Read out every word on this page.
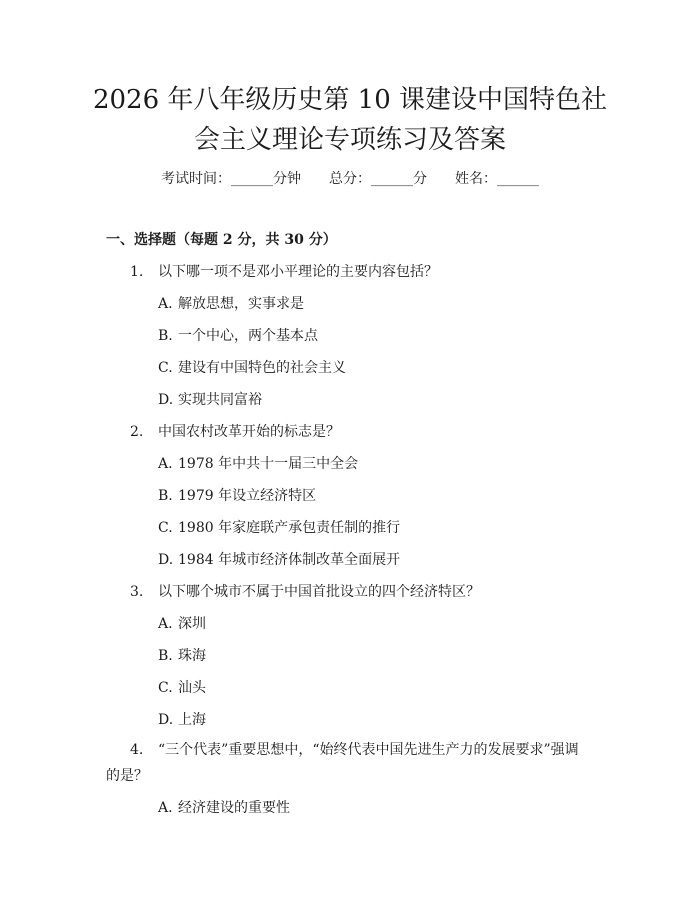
2026 年八年级历史第 10 课建设中国特色社
会主义理论专项练习及答案
考试时间：______分钟 总分：______分 姓名：______
一、选择题（每题 2 分，共 30 分）
1. 以下哪一项不是邓小平理论的主要内容包括？
A. 解放思想，实事求是
B. 一个中心，两个基本点
C. 建设有中国特色的社会主义
D. 实现共同富裕
2. 中国农村改革开始的标志是？
A. 1978 年中共十一届三中全会
B. 1979 年设立经济特区
C. 1980 年家庭联产承包责任制的推行
D. 1984 年城市经济体制改革全面展开
3. 以下哪个城市不属于中国首批设立的四个经济特区？
A. 深圳
B. 珠海
C. 汕头
D. 上海
4. “三个代表”重要思想中，“始终代表中国先进生产力的发展要求”强调
的是？
A. 经济建设的重要性
